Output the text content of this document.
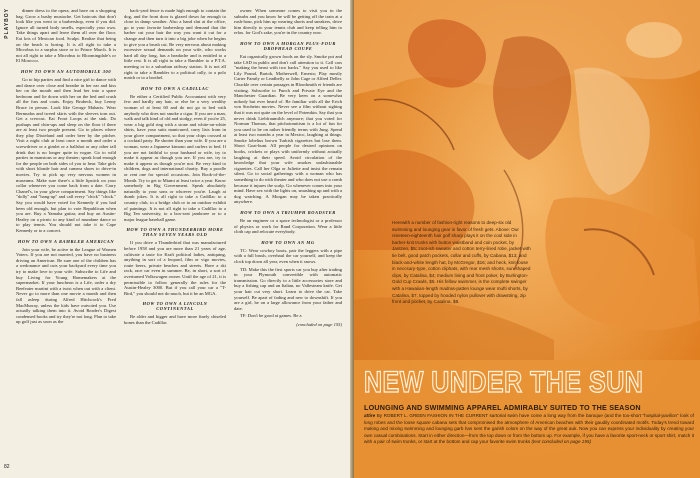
PLAYBOY	dinner dress to the opera, and have on a shopping bag. Grow a bushy mustache. Get haircuts that don't look like you went to a barbershop, even if you did. Ignore all turned body smells, especially your own. Take things apart and leave them all over the floor. Eat lots of Mexican food. Sculpt. Realize that being on the beach is boring. It is all right to take a Microbus to a surplus store or to Prince March. It is not all right to take a Microbus to Bloomingdale's or El Morocco.

HOW TO OWN AN AUTOMOBILE 300

Go to hip parties and find a nice girl to dance with and dance over close and breathe in her ear and kiss her on the mouth and then lead her into a spare bedroom and lie down with her on the bed and crush all the furs and coats. Enjoy Brubeck, buy Lenny Bruce in person. Look like George Maharis. Wear Bermudas and tweed skirts with the sleeves torn out. Get a crewcut. Eat Froot Loops at the sink. Do pushups and chin-ups and sleep on the floor if there are at least two people present. Go to places where they play Dixieland and order beer by the pitcher. Visit a night club at least once a month and order a screwdriver or a gimlet or a ballshot or any other tall drink that is no longer quite in vogue. Go to wild parties in mansions or any theater; speak loud enough for the people on both sides of you to hear. Take girls with short blonde hair and camera shoes to drive-in movies. Try to pick up very nervous women in museums. Make sure there's a little lipstick on your collar whenever you come back from a date. Carry Chanel's, in your glove compartment. Say things like "dolly" and "hang-up" and call every "chick" "chick." Say you would have voted for Kennedy if you had been old enough, but plan to vote Republican when you are. Buy a Yamaha guitar, and buy an Austin-Healey on a picnic to any kind of mundane dance or to play tennis. You should not take it to Cape Kennedy or to a concert.

HOW TO OWN A RAMBLER AMERICAN

Join your wife, be active in the League of Women Voters. If you are not married, you have no business driving an American. Be sure one of the children has a wedonance and cuts your backyard every time you try to make love to your wife. Subscribe to Life and buy Living for Young Homemakers at the supermarket. If your luncheon is a Life, order a dry Beefeater martini with a twist when out with a client. Never go to more than one movie a month and then fall asleep during Alfred Hitchcock's Fred MacMurray, unless the kids have outvoted you. Use actually talking them into it. Avoid Reader's Digest condensed books and try they're not long. Plan to take up golf just as soon as the

back-yard fence is made high enough to contain the dog, and the front door is glazed down far enough to close in damp weather. Also a hand slut at the office, go to your favorite barbershop and demand that the barber cut your hair the way you want it cut for a change and then turn it into a big joke when he begins to give you a brush cut. Be very nervous about making excessive sexual demands on your wife, who works hard all day long, has a headache and is entitled to a little rest. It is all right to take a Rambler to a P.T.A. meeting or to a suburban railway station. It is not all right to take a Rambler to a political rally, to a polo match or to a brothel.

HOW TO OWN A CADILLAC

Be either a Certified Public Accountant with very few and hardly any hair, or else be a very wealthy woman of at least 60 and do not go to bed with anybody who does not smoke a cigar. If you are a man, walk and talk kind of old and stodgy, even if you're 25, wear a big gold ring with a stone and white-on-white shirts, have your suits manicured, carry lists from in your glove compartment, so that your chips crossed at a cocktail party. Be shorter than your wife. If you are a woman, wear a Japanese kimono and curlers to bed. If you are not faithful to your husband or wife, try to make it appear as though you are. If you are, try to make it appear as though you're not. Be very kind to children, dogs and international charity. Buy a poodle or rent one for special occasions. Join Book-of-the-Month. Try to get to Miami at least twice a year. Know somebody in Big Government. Speak absolutely naturally to your sons or whoever you're. Laugh at dumb jokes. It is all right to take a Cadillac to a country club, to a bridge club or to an outdoor exhibit of paintings. It is not all right to take a Cadillac to a Big Ten university, to a box-seat jamboree or to a major league baseball game.

HOW TO OWN A THUNDERBIRD MORE THAN SEVEN YEARS OLD

If you drive a Thunderbird that was manufactured before 1958 and you are more than 21 years of age, cultivate a taste for Kraft political ladies, antiquing, anything in sort of a leopard, film or vigo movies, route beers, private beaches and streets. Have a ski rack, race car even in summer. Be, in short, a sort of overturned Volkswagen owner. Until the age of 21, it is permissible to follow generally the rules for the Austin-Healey 3000. But if you call your car a "T-Bird," you should not do much, but it be an MGA.

HOW TO OWN A LINCOLN CONTINENTAL

Be older and bigger and have more finely chiseled bones than the Cadillac

owner. When someone comes to visit you in the suburbs and you know he will be getting off the train at a rush-hour, pick him up wearing shorts and sneakers, drive him directly to your tennis club and keep telling him to relax. for God's sake, you're in the country now.

HOW TO OWN A MORGAN PLUS-FOUR DROPHEAD COUPE

Eat organically grown foods on the sly. Smoke pot and take LSD in public and don't call attention to it. Call cars "making the beast with two backs." Say you used to like Lily Pound, Bartok, Motherwell, Ernesto; Play mostly Carter Family or Leadbelly or John Cage or Alfred Deller. Chuckle over certain passages in Bloodsmith et friends are visiting. Subscribe to Punch and Private Eye and the Manchester Guardian. Be very keen on a somewhat nobody but ever heard of. Be familiar with all the Erich von Stroheim movies. Never see a film without sighing that it was not quite on the level of Potemkin. Say that you never drink Liebfraumilch anymore; that you voted for Norman Thomas, that pitchotomitism is a lot of fun for you used to be on rather friendly terms with Jung. Spend at least two months a year in Mexico, laughing at things. Smoke lobelius brown Turkish cigarettes but lose them. Shoot Goat-hunt. All people for desired opinions on books, crickets or plays with uniformly without actually laughing at their speed. Avoid circulation of the knowledge that your wife smokes unfashionable cigarettes. Call her Olga or Juliette and insist the remain silent. Go to social gatherings with a woman who has something to do with theater and who does not use a comb because it injures the scalp. Go whenever comes into your mind. Have sex with the lights on, smashing up and with a dog watching. A Morgan may be taken practically anywhere.

HOW TO OWN A TRIUMPH ROADSTER

Be an engineer or a space technologist or a professor of physics or work for Rand Corporation. Wear a little cloth cap and relocate everybody.

HOW TO OWN AN MG

TC: Wear cowboy boots, pair the leggers with a pipe with a full brush, overhaul the car yourself, and keep the clock top down all year, even when it snows.

TD: Make this the first sports car you buy after trading in your Plymouth convertible with automatic transmission. Go directly to a little accessories store and buy a fishing cap and an Italian, no Vallesteam knife. Get your hair cut very short. Learn to drive the car. Take yourself. Be apart of fading and new to downshift. If you are a girl, be on a large allowance from your father and date.

TF: Don't be good at games. Be a

(concluded on page 155)

82
Herewith a number of fashion-right reasons to deep-six old swimming and lounging gear in favor of fresh gets. Above: Our nineteen-eighteenth hair golf sharp plays it on the cool side in barber-knit trunks with button waistband and coin pocket, by Jantzen, $5; zoot-ish sweater and cotton terry-lined robe, jacket with tie belt, good patch pockets, collar and cuffs, by Cabana, $13; and black-and-white length hat, by McGregor, $16; and heck, knit-loose in neccsary-type, cotton cliphats, with rear mesh shorts, sun-shaped clips, by Catalina, $4; medium lining and front poker, by Burlington-Gold Cup Crawls, $5. His fellow swimmer, is the complete swinger with a Hawaiian-length madras-patten lounge wear mufti shorts, by Catalina, $7, topped by hooded nylon pullover with drawstring, zip front and pocket, by Catalina, $8.
NEW UNDER THE SUN
LOUNGING AND SWIMMING APPAREL ADMIRABLY SUITED TO THE SEASON
attire By ROBERT L. GREEN FASHION IN THE CURRENT sartorial swim have come a long way from the baroque (and the too-short "hospital-pavilion" look of long robes and the loose square cabana sets that compromised the atmosphere of American beaches with their gaudily coordinated motifs. Today's trend toward making and mixing swimming and lounging garb has sent the garish colors on the way of the great auk. Now you can express your individuality by creating your own casual combinations. Start in either direction—from the top down or from the bottom up. For example, if you have a favorite sport-neck or sport shirt, match it with a pair of swim trunks, or start at the bottom and cap your favorite swim trunks (text concluded on page 155)
